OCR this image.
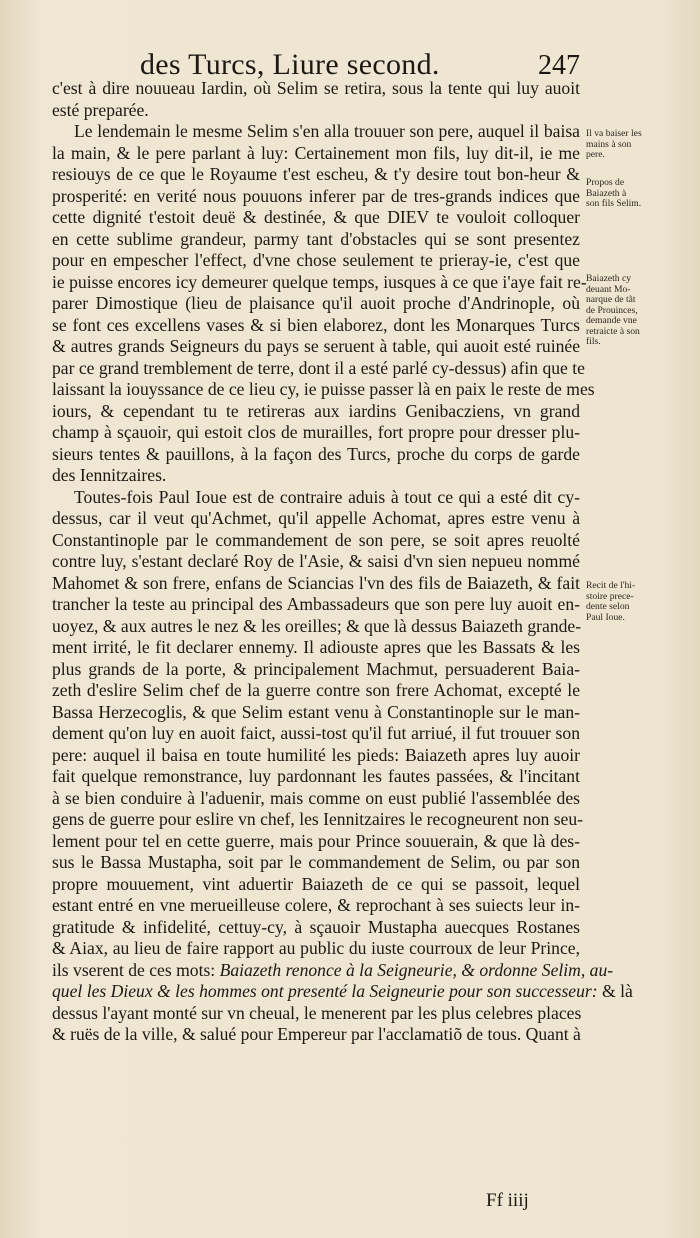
des Turcs, Liure second.	247
c'est à dire nouueau Iardin, où Selim se retira, sous la tente qui luy auoit
esté preparée.
Le lendemain le mesme Selim s'en alla trouuer son pere, auquel il baisa
la main, & le pere parlant à luy: Certainement mon fils, luy dit-il, ie me
resiouys de ce que le Royaume t'est escheu, & t'y desire tout bon-heur &
prosperité: en verité nous pouuons inferer par de tres-grands indices que
cette dignité t'estoit deuë & destinée, & que DIEV te vouloit colloquer
en cette sublime grandeur, parmy tant d'obstacles qui se sont presentez
pour en empescher l'effect, d'vne chose seulement te prieray-ie, c'est que
ie puisse encores icy demeurer quelque temps, iusques à ce que i'aye fait re-
parer Dimostique (lieu de plaisance qu'il auoit proche d'Andrinople, où
se font ces excellens vases & si bien elaborez, dont les Monarques Turcs
& autres grands Seigneurs du pays se seruent à table, qui auoit esté ruinée
par ce grand tremblement de terre, dont il a esté parlé cy-dessus) afin que te
laissant la iouyssance de ce lieu cy, ie puisse passer là en paix le reste de mes
iours, & cependant tu te retireras aux iardins Genibacziens, vn grand
champ à sçauoir, qui estoit clos de murailles, fort propre pour dresser plu-
sieurs tentes & pauillons, à la façon des Turcs, proche du corps de garde
des Iennitzaires.
Toutes-fois Paul Ioue est de contraire aduis à tout ce qui a esté dit cy-
dessus, car il veut qu'Achmet, qu'il appelle Achomat, apres estre venu à
Constantinople par le commandement de son pere, se soit apres reuolté
contre luy, s'estant declaré Roy de l'Asie, & saisi d'vn sien nepueu nommé
Mahomet & son frere, enfans de Sciancias l'vn des fils de Baiazeth, & fait
trancher la teste au principal des Ambassadeurs que son pere luy auoit en-
uoyez, & aux autres le nez & les oreilles; & que là dessus Baiazeth grande-
ment irrité, le fit declarer ennemy. Il adiouste apres que les Bassats & les
plus grands de la porte, & principalement Machmut, persuaderent Baia-
zeth d'eslire Selim chef de la guerre contre son frere Achomat, excepté le
Bassa Herzecoglis, & que Selim estant venu à Constantinople sur le man-
dement qu'on luy en auoit faict, aussi-tost qu'il fut arriué, il fut trouuer son
pere: auquel il baisa en toute humilité les pieds: Baiazeth apres luy auoir
fait quelque remonstrance, luy pardonnant les fautes passées, & l'incitant
à se bien conduire à l'aduenir, mais comme on eust publié l'assemblée des
gens de guerre pour eslire vn chef, les Iennitzaires le recogneurent non seu-
lement pour tel en cette guerre, mais pour Prince souuerain, & que là des-
sus le Bassa Mustapha, soit par le commandement de Selim, ou par son
propre mouuement, vint aduertir Baiazeth de ce qui se passoit, lequel
estant entré en vne merueilleuse colere, & reprochant à ses suiects leur in-
gratitude & infidelité, cettuy-cy, à sçauoir Mustapha auecques Rostanes
& Aiax, au lieu de faire rapport au public du iuste courroux de leur Prince,
ils vserent de ces mots: Baiazeth renonce à la Seigneurie, & ordonne Selim, au-
quel les Dieux & les hommes ont presenté la Seigneurie pour son successeur: & là
dessus l'ayant monté sur vn cheual, le menerent par les plus celebres places
& ruës de la ville, & salué pour Empereur par l'acclamatiõ de tous. Quant à
Il va baiser les
mains à son
pere.
Propos de
Baiazeth à
son fils Selim.
Baiazeth cy
deuant Mo-
narque de tãt
de Prouinces,
demande vne
retraicte à son
fils.
Recit de l'hi-
stoire prece-
dente selon
Paul Ioue.
Ff iiij
